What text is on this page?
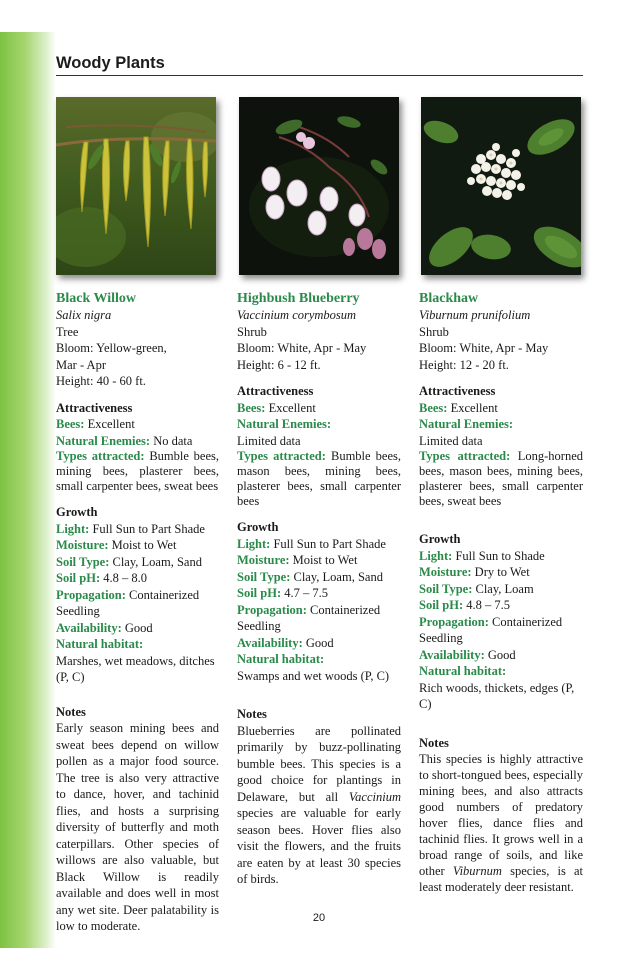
Woody Plants
Black Willow
Salix nigra
Tree
Bloom: Yellow-green,
Mar - Apr
Height: 40 - 60 ft.
Attractiveness
Bees: Excellent
Natural Enemies: No data
Types attracted: Bumble bees, mining bees, plasterer bees, small carpenter bees, sweat bees
Growth
Light: Full Sun to Part Shade
Moisture: Moist to Wet
Soil Type: Clay, Loam, Sand
Soil pH: 4.8 – 8.0
Propagation: Containerized Seedling
Availability: Good
Natural habitat:
Marshes, wet meadows, ditches (P, C)
Notes
Early season mining bees and sweat bees depend on willow pollen as a major food source. The tree is also very attractive to dance, hover, and tachinid flies, and hosts a surprising diversity of butterfly and moth caterpillars. Other species of willows are also valuable, but Black Willow is readily available and does well in most any wet site. Deer palatability is low to moderate.
Highbush Blueberry
Vaccinium corymbosum
Shrub
Bloom: White, Apr - May
Height: 6 - 12 ft.
Attractiveness
Bees: Excellent
Natural Enemies:
Limited data
Types attracted: Bumble bees, mason bees, mining bees, plasterer bees, small carpenter bees
Growth
Light: Full Sun to Part Shade
Moisture: Moist to Wet
Soil Type: Clay, Loam, Sand
Soil pH: 4.7 – 7.5
Propagation: Containerized Seedling
Availability: Good
Natural habitat:
Swamps and wet woods (P, C)
Notes
Blueberries are pollinated primarily by buzz-pollinating bumble bees. This species is a good choice for plantings in Delaware, but all Vaccinium species are valuable for early season bees. Hover flies also visit the flowers, and the fruits are eaten by at least 30 species of birds.
Blackhaw
Viburnum prunifolium
Shrub
Bloom: White, Apr - May
Height: 12 - 20 ft.
Attractiveness
Bees: Excellent
Natural Enemies:
Limited data
Types attracted: Long-horned bees, mason bees, mining bees, plasterer bees, small carpenter bees, sweat bees
Growth
Light: Full Sun to Shade
Moisture: Dry to Wet
Soil Type: Clay, Loam
Soil pH: 4.8 – 7.5
Propagation: Containerized Seedling
Availability: Good
Natural habitat:
Rich woods, thickets, edges (P, C)
Notes
This species is highly attractive to short-tongued bees, especially mining bees, and also attracts good numbers of predatory hover flies, dance flies and tachinid flies. It grows well in a broad range of soils, and like other Viburnum species, is at least moderately deer resistant.
20
